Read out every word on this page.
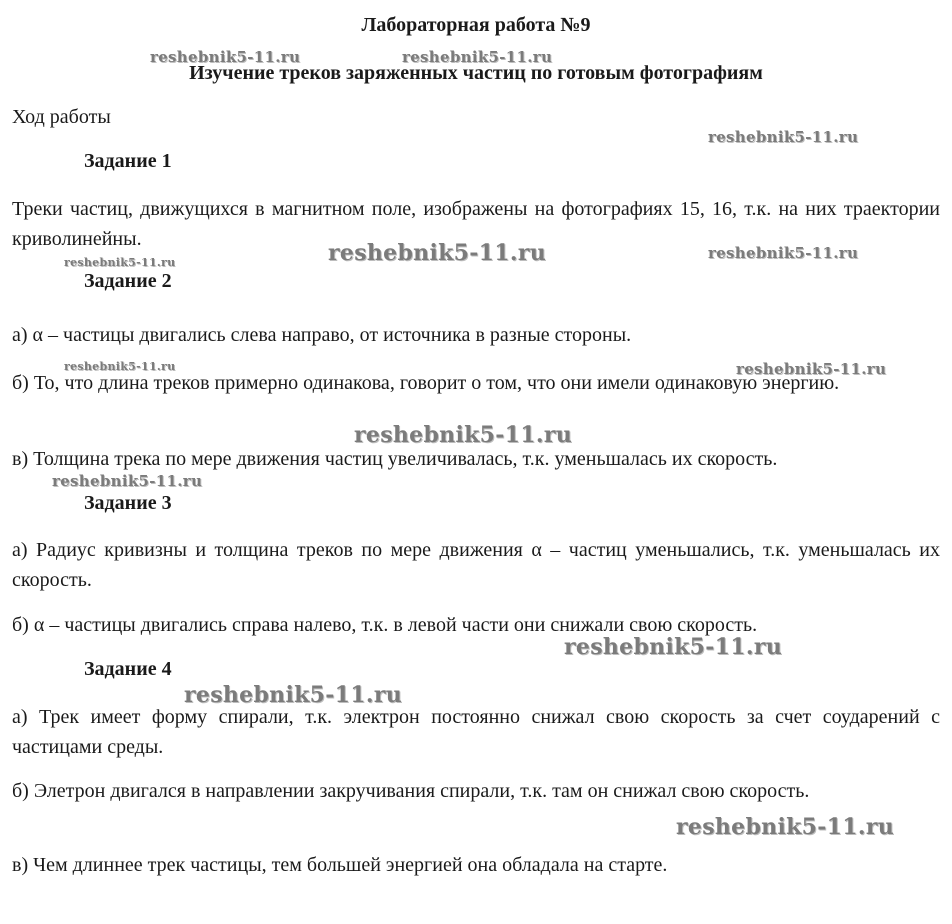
reshebnik5-11.ru	reshebnik5-11.ru
reshebnik5-11.ru
reshebnik5-11.ru	reshebnik5-11.ru
reshebnik5-11.ru
reshebnik5-11.ru	reshebnik5-11.ru
reshebnik5-11.ru
reshebnik5-11.ru
reshebnik5-11.ru
reshebnik5-11.ru
reshebnik5-11.ru
Лабораторная работа №9
Изучение треков заряженных частиц по готовым фотографиям
Ход работы
Задание 1
Треки частиц, движущихся в магнитном поле, изображены на фотографиях 15, 16, т.к. на них траектории криволинейны.
Задание 2
а) α – частицы двигались слева направо, от источника в разные стороны.
б) То, что длина треков примерно одинакова, говорит о том, что они имели одинаковую энергию.
в) Толщина трека по мере движения частиц увеличивалась, т.к. уменьшалась их скорость.
Задание 3
а) Радиус кривизны и толщина треков по мере движения α – частиц уменьшались, т.к. уменьшалась их скорость.
б) α – частицы двигались справа налево, т.к. в левой части они снижали свою скорость.
Задание 4
а) Трек имеет форму спирали, т.к. электрон постоянно снижал свою скорость за счет соударений с частицами среды.
б) Элетрон двигался в направлении закручивания спирали, т.к. там он снижал свою скорость.
в) Чем длиннее трек частицы, тем большей энергией она обладала на старте.
